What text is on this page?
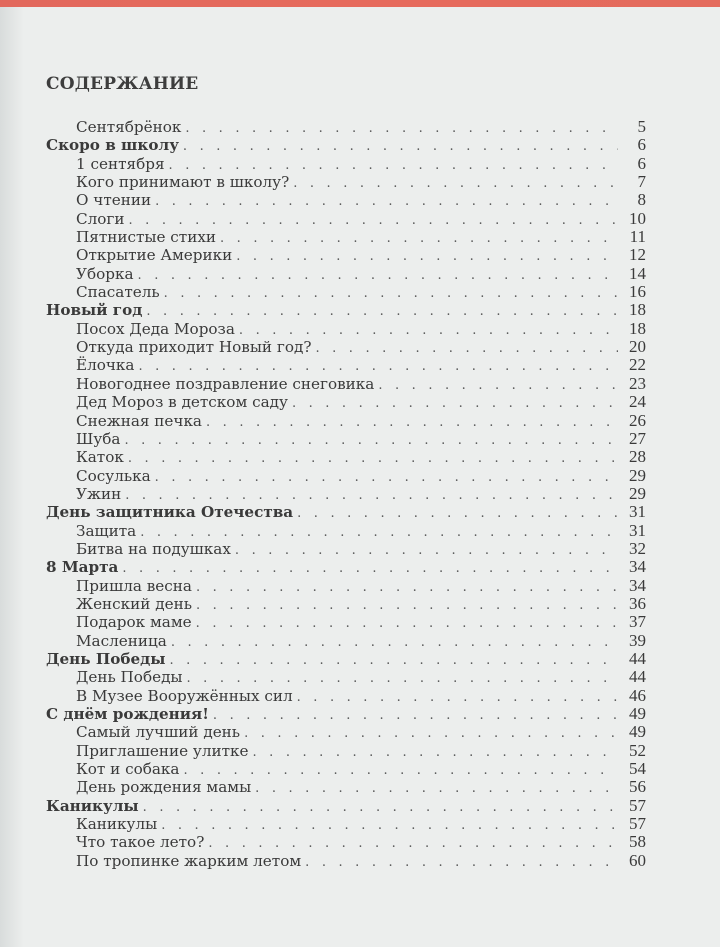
СОДЕРЖАНИЕ
Сентябрёнок . . .	5
Скоро в школу . . .	6
1 сентября . . .	6
Кого принимают в школу? . . .	7
О чтении . . .	8
Слоги . . .	10
Пятнистые стихи . . .	11
Открытие Америки . . .	12
Уборка . . .	14
Спасатель . . .	16
Новый год . . .	18
Посох Деда Мороза . . .	18
Откуда приходит Новый год? . . .	20
Ёлочка . . .	22
Новогоднее поздравление снеговика . . .	23
Дед Мороз в детском саду . . .	24
Снежная печка . . .	26
Шуба . . .	27
Каток . . .	28
Сосулька . . .	29
Ужин . . .	29
День защитника Отечества . . .	31
Защита . . .	31
Битва на подушках . . .	32
8 Марта . . .	34
Пришла весна . . .	34
Женский день . . .	36
Подарок маме . . .	37
Масленица . . .	39
День Победы . . .	44
День Победы . . .	44
В Музее Вооружённых сил . . .	46
С днём рождения! . . .	49
Самый лучший день . . .	49
Приглашение улитке . . .	52
Кот и собака . . .	54
День рождения мамы . . .	56
Каникулы . . .	57
Каникулы . . .	57
Что такое лето? . . .	58
По тропинке жарким летом . . .	60
